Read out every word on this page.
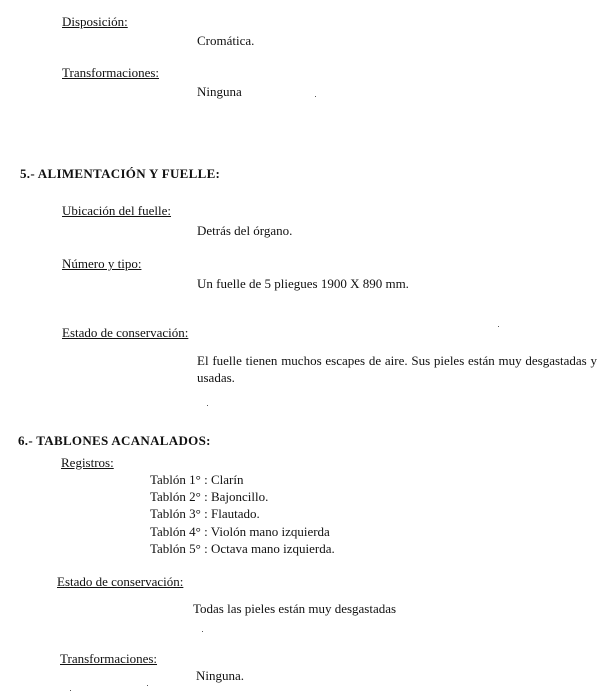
Disposición:
Cromática.
Transformaciones:
Ninguna
5.- ALIMENTACIÓN Y FUELLE:
Ubicación del fuelle:
Detrás del órgano.
Número y tipo:
Un fuelle de 5 pliegues 1900 X 890 mm.
Estado de conservación:
El fuelle tienen muchos escapes de aire. Sus pieles están muy desgastadas y usadas.
6.- TABLONES ACANALADOS:
Registros:
Tablón 1° : Clarín
Tablón 2° : Bajoncillo.
Tablón 3° : Flautado.
Tablón 4° : Violón mano izquierda
Tablón 5° : Octava mano izquierda.
Estado de conservación:
Todas las pieles están muy desgastadas
Transformaciones:
Ninguna.
